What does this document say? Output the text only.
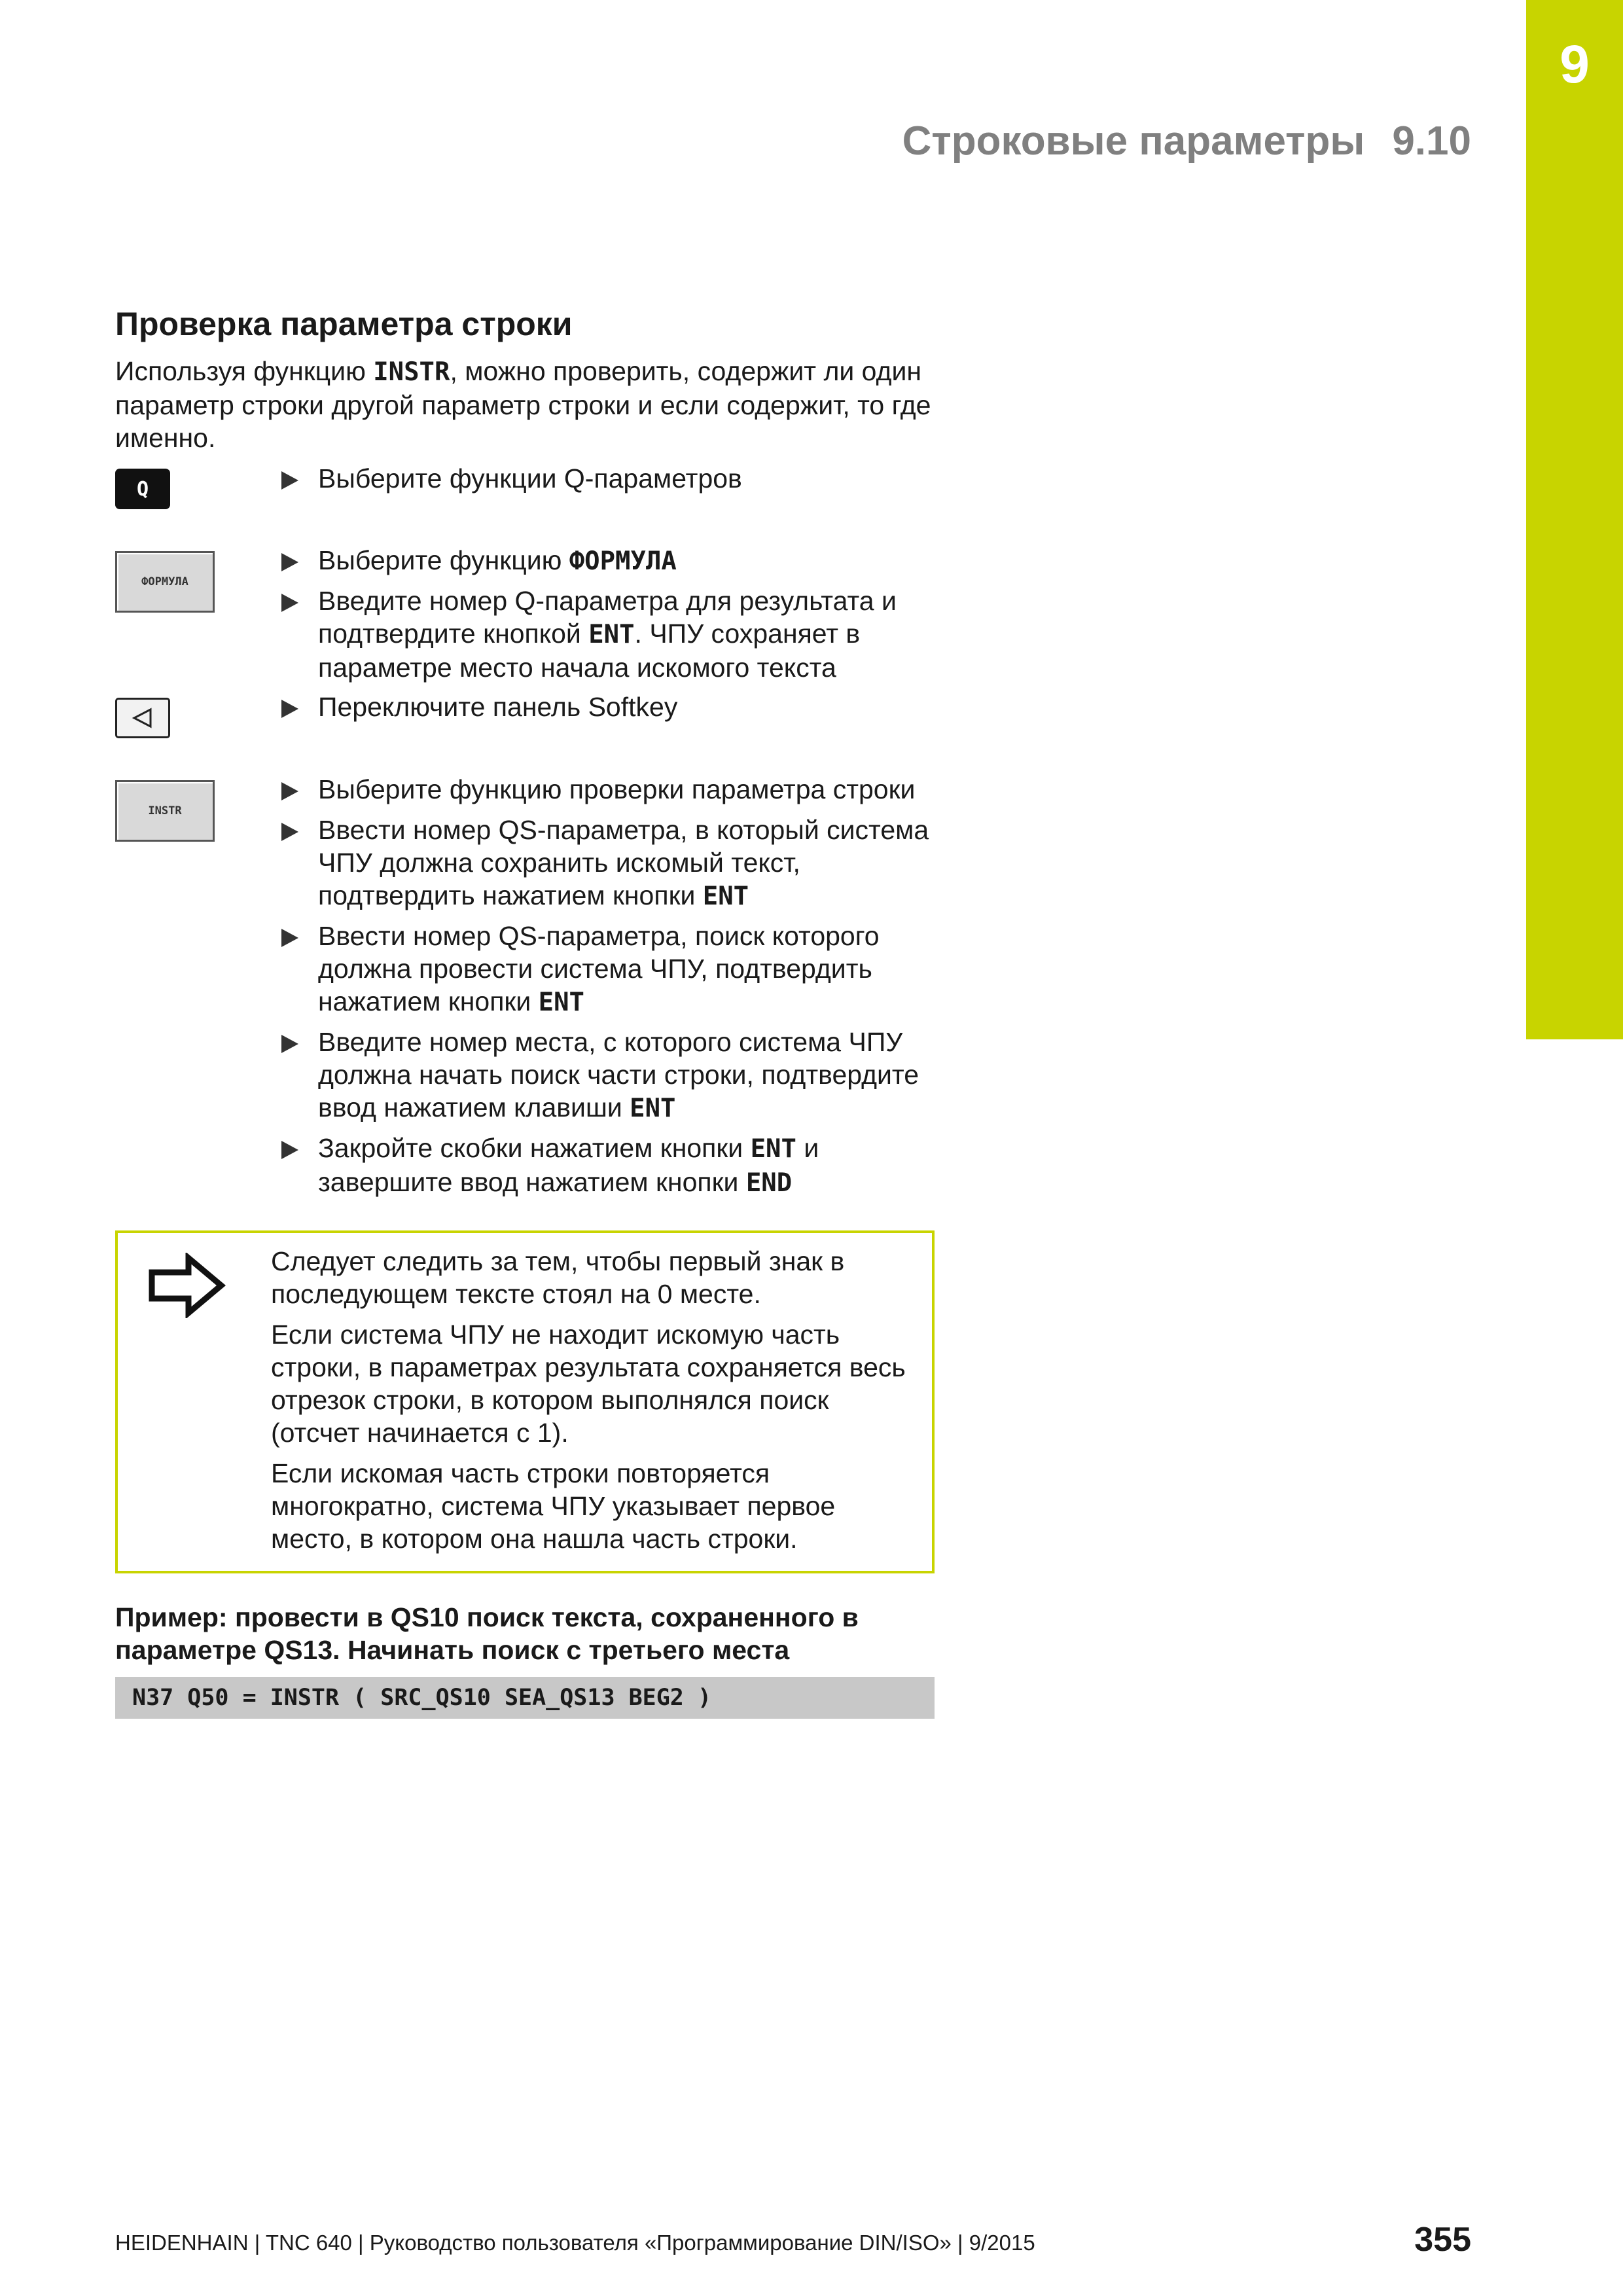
9
Строковые параметры 9.10
Проверка параметра строки
Используя функцию INSTR, можно проверить, содержит ли один параметр строки другой параметр строки и если содержит, то где именно.
Q
ФОРМУЛА
INSTR
Выберите функции Q-параметров
Выберите функцию ФОРМУЛА
Введите номер Q-параметра для результата и подтвердите кнопкой ENT. ЧПУ сохраняет в параметре место начала искомого текста
Переключите панель Softkey
Выберите функцию проверки параметра строки
Ввести номер QS-параметра, в который система ЧПУ должна сохранить искомый текст, подтвердить нажатием кнопки ENT
Ввести номер QS-параметра, поиск которого должна провести система ЧПУ, подтвердить нажатием кнопки ENT
Введите номер места, с которого система ЧПУ должна начать поиск части строки, подтвердите ввод нажатием клавиши ENT
Закройте скобки нажатием кнопки ENT и завершите ввод нажатием кнопки END

Следует следить за тем, чтобы первый знак в последующем тексте стоял на 0 месте.

Если система ЧПУ не находит искомую часть строки, в параметрах результата сохраняется весь отрезок строки, в котором выполнялся поиск (отсчет начинается с 1).

Если искомая часть строки повторяется многократно, система ЧПУ указывает первое место, в котором она нашла часть строки.

Пример: провести в QS10 поиск текста, сохраненного в параметре QS13. Начинать поиск с третьего места
N37 Q50 = INSTR ( SRC_QS10 SEA_QS13 BEG2 )
HEIDENHAIN | TNC 640 | Руководство пользователя «Программирование DIN/ISO» | 9/2015	355
